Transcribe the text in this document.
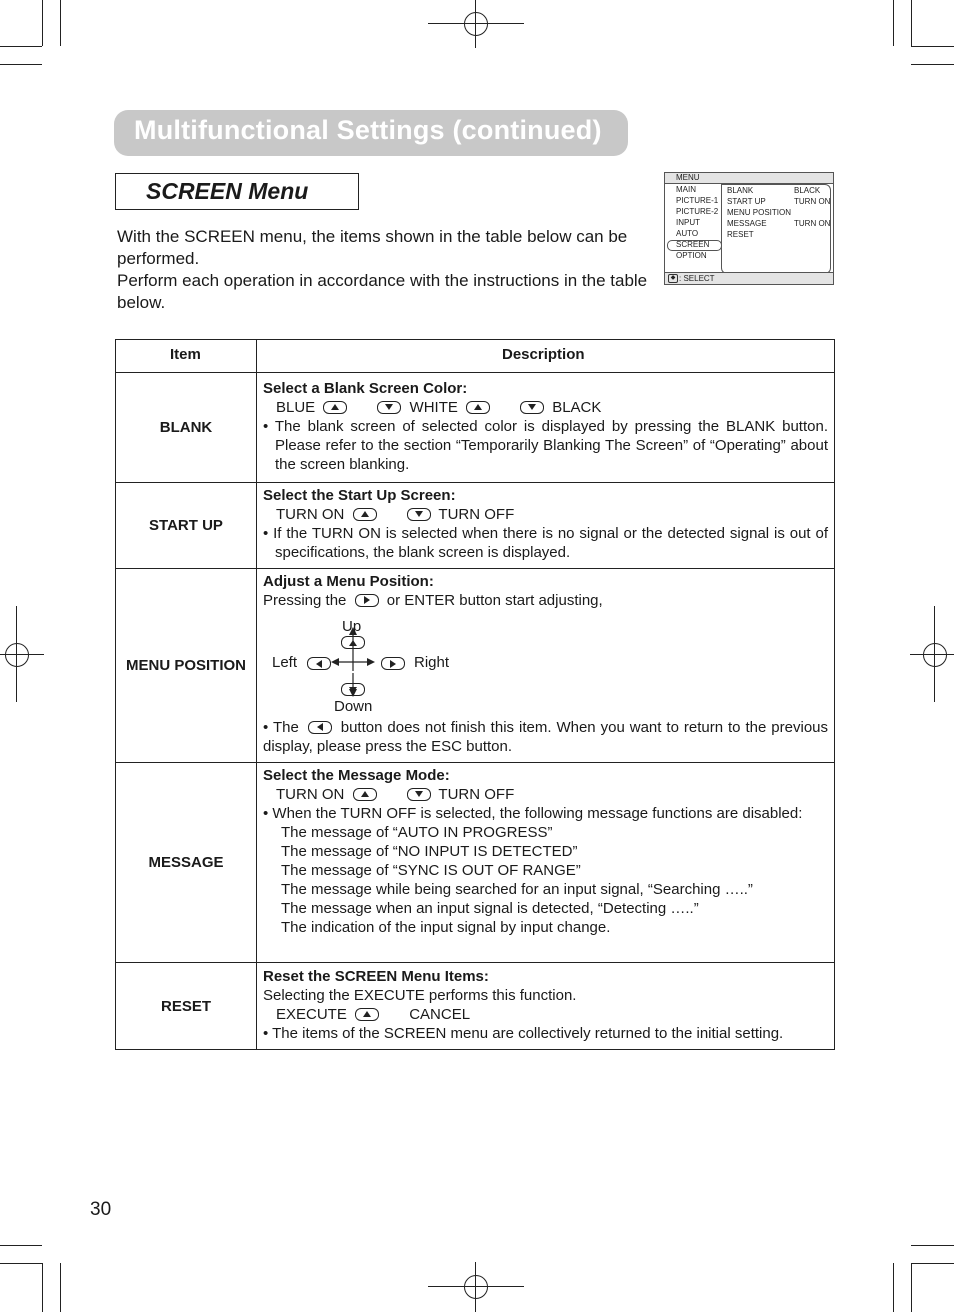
Multifunctional Settings (continued)
SCREEN Menu

With the SCREEN menu, the items shown in the table below can be performed.

Perform each operation in accordance with the instructions in the table below.

MENU
MAIN
PICTURE-1
PICTURE-2
INPUT
AUTO
SCREEN
OPTION
BLANK
START UP
MENU POSITION
MESSAGE
RESET
BLACK
TURN ON
TURN ON
◆ : SELECT
Item	Description
BLANK

Select a Blank Screen Color:

BLUE	WHITE	BLACK

• The blank screen of selected color is displayed by pressing the BLANK button. Please refer to the section “Temporarily Blanking The Screen” of “Operating” about the screen blanking.

START UP

Select the Start Up Screen:

TURN ON	TURN OFF

• If the TURN ON is selected when there is no signal or the detected signal is out of specifications, the blank screen is displayed.

MENU POSITION

Adjust a Menu Position:

Pressing the	or ENTER button start adjusting,

Up
Left	Right
Down

• The	button does not finish this item. When you want to return to the previous display, please press the ESC button.

MESSAGE

Select the Message Mode:

TURN ON	TURN OFF

• When the TURN OFF is selected, the following message functions are disabled:

The message of “AUTO IN PROGRESS”

The message of “NO INPUT IS DETECTED”

The message of “SYNC IS OUT OF RANGE”

The message while being searched for an input signal, “Searching …..”

The message when an input signal is detected, “Detecting …..”

The indication of the input signal by input change.

RESET

Reset the SCREEN Menu Items:

Selecting the EXECUTE performs this function.

EXECUTE	CANCEL

• The items of the SCREEN menu are collectively returned to the initial setting.

30
